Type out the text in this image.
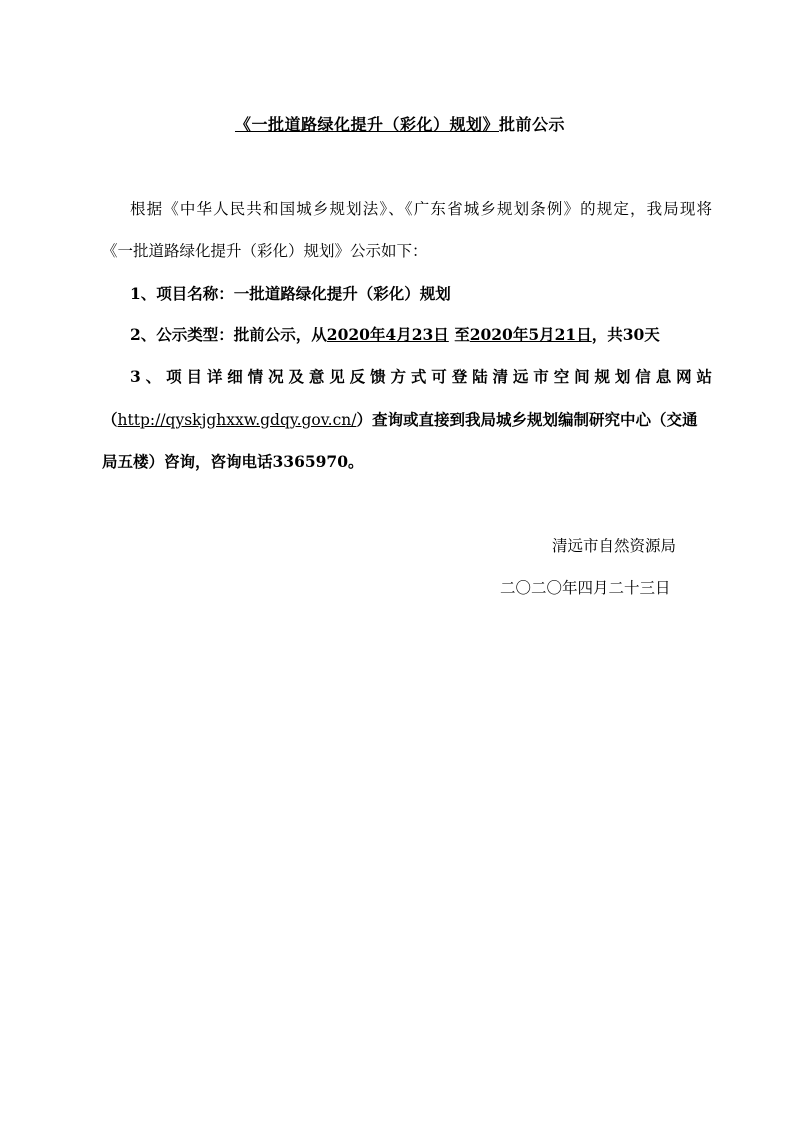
《一批道路绿化提升（彩化）规划》批前公示
根据《中华人民共和国城乡规划法》、《广东省城乡规划条例》的规定，我局现将
《一批道路绿化提升（彩化）规划》公示如下：
1、项目名称：一批道路绿化提升（彩化）规划
2、公示类型：批前公示，从2020年4月23日 至2020年5月21日，共30天
3、项目详细情况及意见反馈方式可登陆清远市空间规划信息网站
（http://qyskjghxxw.gdqy.gov.cn/）查询或直接到我局城乡规划编制研究中心（交通
局五楼）咨询，咨询电话3365970。
清远市自然资源局
二〇二〇年四月二十三日
